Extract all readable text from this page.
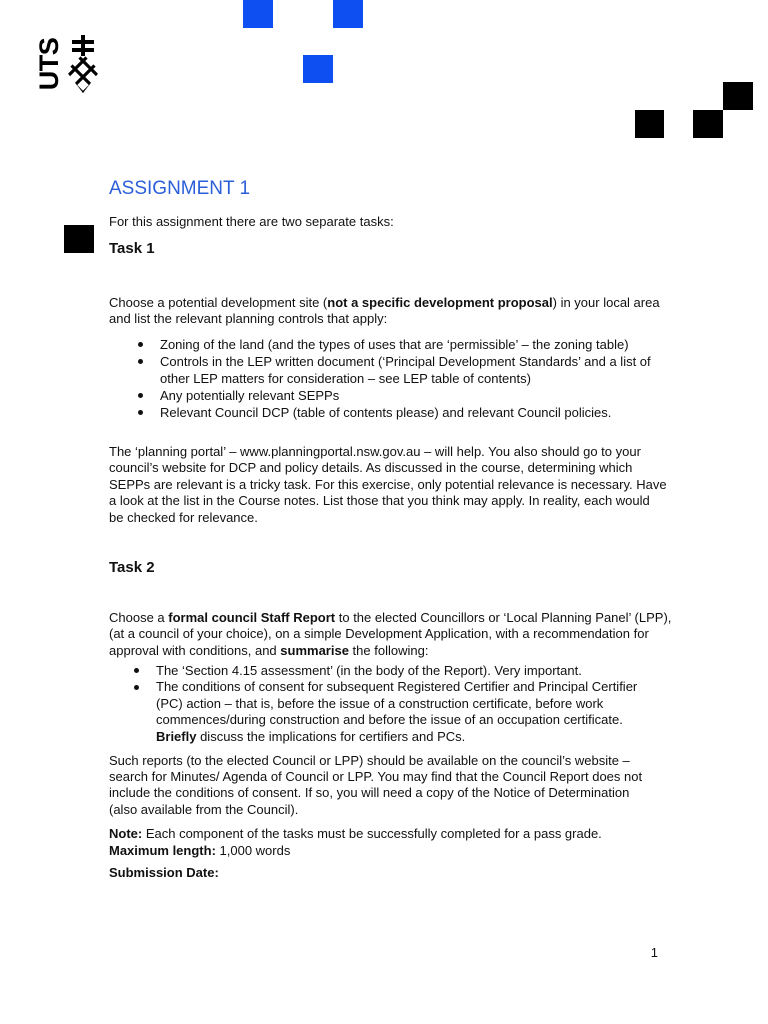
UTS
ASSIGNMENT 1
For this assignment there are two separate tasks:
Task 1
Choose a potential development site (not a specific development proposal) in your local area
and list the relevant planning controls that apply:
Zoning of the land (and the types of uses that are ‘permissible’ – the zoning table)
Controls in the LEP written document (‘Principal Development Standards’ and a list of
other LEP matters for consideration – see LEP table of contents)
Any potentially relevant SEPPs
Relevant Council DCP (table of contents please) and relevant Council policies.
The ‘planning portal’ – www.planningportal.nsw.gov.au – will help. You also should go to your
council’s website for DCP and policy details. As discussed in the course, determining which
SEPPs are relevant is a tricky task. For this exercise, only potential relevance is necessary. Have
a look at the list in the Course notes. List those that you think may apply. In reality, each would
be checked for relevance.
Task 2
Choose a formal council Staff Report to the elected Councillors or ‘Local Planning Panel’ (LPP),
(at a council of your choice), on a simple Development Application, with a recommendation for
approval with conditions, and summarise the following:
The ‘Section 4.15 assessment’ (in the body of the Report). Very important.
The conditions of consent for subsequent Registered Certifier and Principal Certifier
(PC) action – that is, before the issue of a construction certificate, before work
commences/during construction and before the issue of an occupation certificate.
Briefly discuss the implications for certifiers and PCs.
Such reports (to the elected Council or LPP) should be available on the council’s website –
search for Minutes/ Agenda of Council or LPP. You may find that the Council Report does not
include the conditions of consent. If so, you will need a copy of the Notice of Determination
(also available from the Council).
Note: Each component of the tasks must be successfully completed for a pass grade.
Maximum length: 1,000 words
Submission Date:
1
